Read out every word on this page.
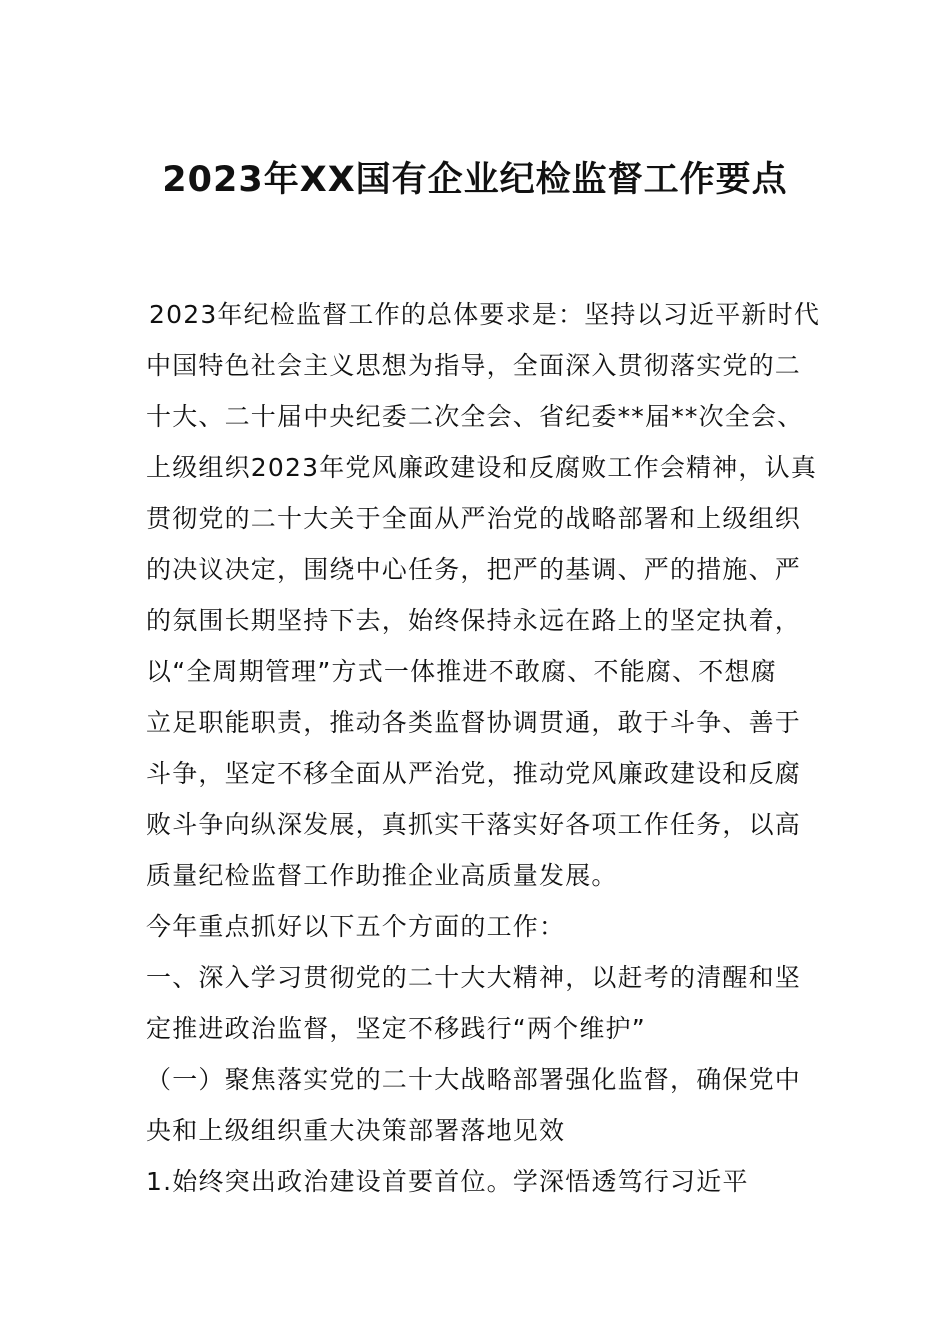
2023年XX国有企业纪检监督工作要点
2023年纪检监督工作的总体要求是：坚持以习近平新时代
中国特色社会主义思想为指导，全面深入贯彻落实党的二
十大、二十届中央纪委二次全会、省纪委**届**次全会、
上级组织2023年党风廉政建设和反腐败工作会精神，认真
贯彻党的二十大关于全面从严治党的战略部署和上级组织
的决议决定，围绕中心任务，把严的基调、严的措施、严
的氛围长期坚持下去，始终保持永远在路上的坚定执着，
以“全周期管理”方式一体推进不敢腐、不能腐、不想腐
立足职能职责，推动各类监督协调贯通，敢于斗争、善于
斗争，坚定不移全面从严治党，推动党风廉政建设和反腐
败斗争向纵深发展，真抓实干落实好各项工作任务，以高
质量纪检监督工作助推企业高质量发展。
今年重点抓好以下五个方面的工作：
一、深入学习贯彻党的二十大大精神，以赶考的清醒和坚
定推进政治监督，坚定不移践行“两个维护”
（一）聚焦落实党的二十大战略部署强化监督，确保党中
央和上级组织重大决策部署落地见效
1.始终突出政治建设首要首位。学深悟透笃行习近平
